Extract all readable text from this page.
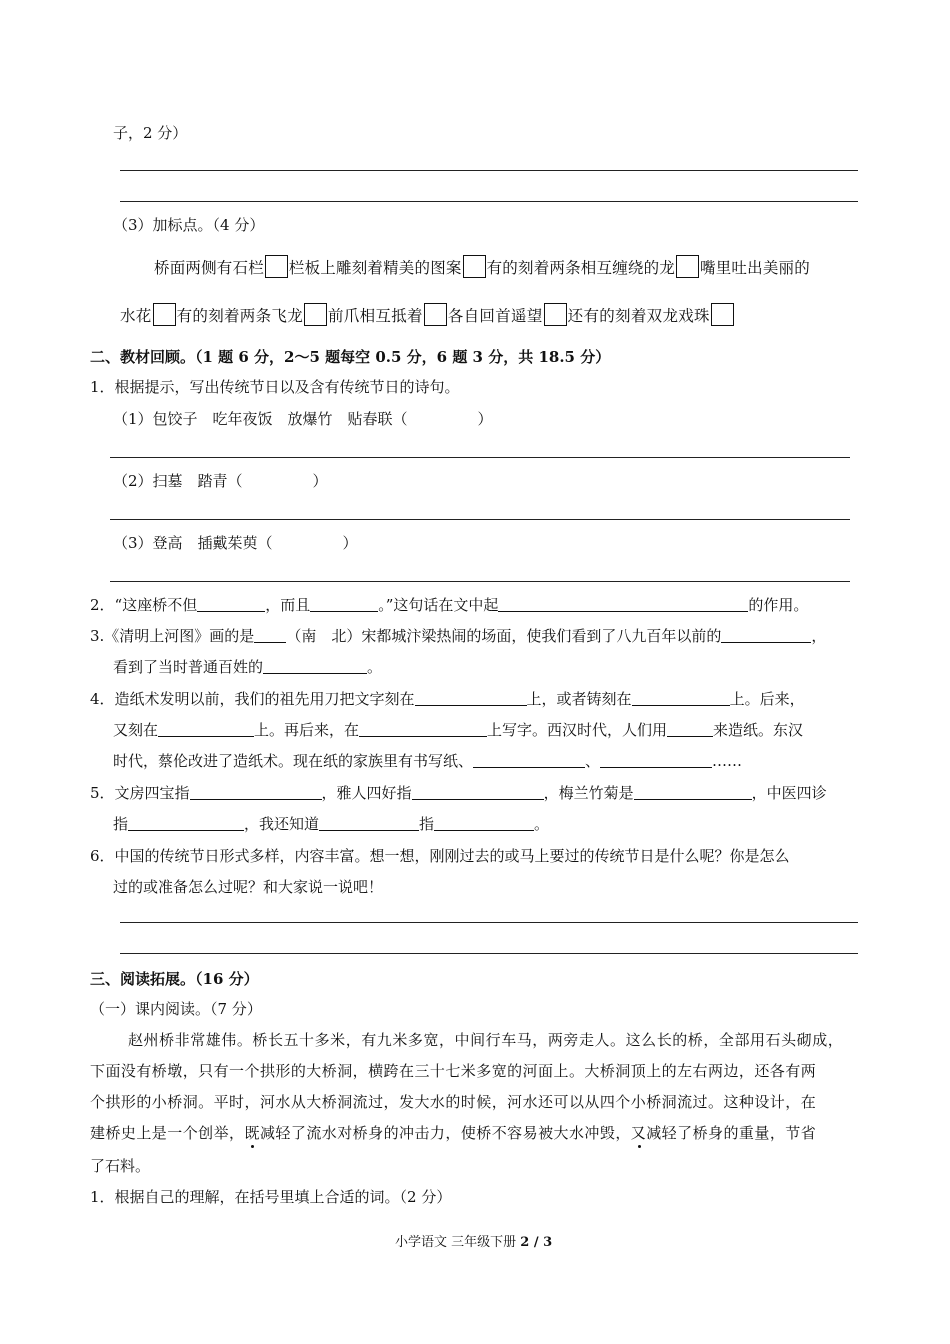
子，2 分）
（3）加标点。（4 分）
桥面两侧有石栏 栏板上雕刻着精美的图案 有的刻着两条相互缠绕的龙 嘴里吐出美丽的
水花 有的刻着两条飞龙 前爪相互抵着 各自回首遥望 还有的刻着双龙戏珠
二、教材回顾。（1 题 6 分，2～5 题每空 0.5 分，6 题 3 分，共 18.5 分）
1．根据提示，写出传统节日以及含有传统节日的诗句。
（1）包饺子　吃年夜饭　放爆竹　贴春联（	）
（2）扫墓　踏青（	）
（3）登高　插戴茱萸（	）
2．“这座桥不但	，而且	。”这句话在文中起	的作用。
3.《清明上河图》画的是 （南　北）宋都城汴梁热闹的场面，使我们看到了八九百年以前的	，
看到了当时普通百姓的	。
4．造纸术发明以前，我们的祖先用刀把文字刻在	上，或者铸刻在	上。后来，
又刻在	上。再后来，在	上写字。西汉时代，人们用	来造纸。东汉
时代，蔡伦改进了造纸术。现在纸的家族里有书写纸、	、	……
5．文房四宝指	，雅人四好指	，梅兰竹菊是	，中医四诊
指	，我还知道	指	。
6．中国的传统节日形式多样，内容丰富。想一想，刚刚过去的或马上要过的传统节日是什么呢？你是怎么
过的或准备怎么过呢？和大家说一说吧！
三、阅读拓展。（16 分）
（一）课内阅读。（7 分）
赵州桥非常雄伟。桥长五十多米，有九米多宽，中间行车马，两旁走人。这么长的桥，全部用石头砌成，
下面没有桥墩，只有一个拱形的大桥洞，横跨在三十七米多宽的河面上。大桥洞顶上的左右两边，还各有两
个拱形的小桥洞。平时，河水从大桥洞流过，发大水的时候，河水还可以从四个小桥洞流过。这种设计，在
建桥史上是一个创举，既减轻了流水对桥身的冲击力，使桥不容易被大水冲毁，又减轻了桥身的重量，节省
了石料。
1．根据自己的理解，在括号里填上合适的词。（2 分）
小学语文 三年级下册 2 / 3
